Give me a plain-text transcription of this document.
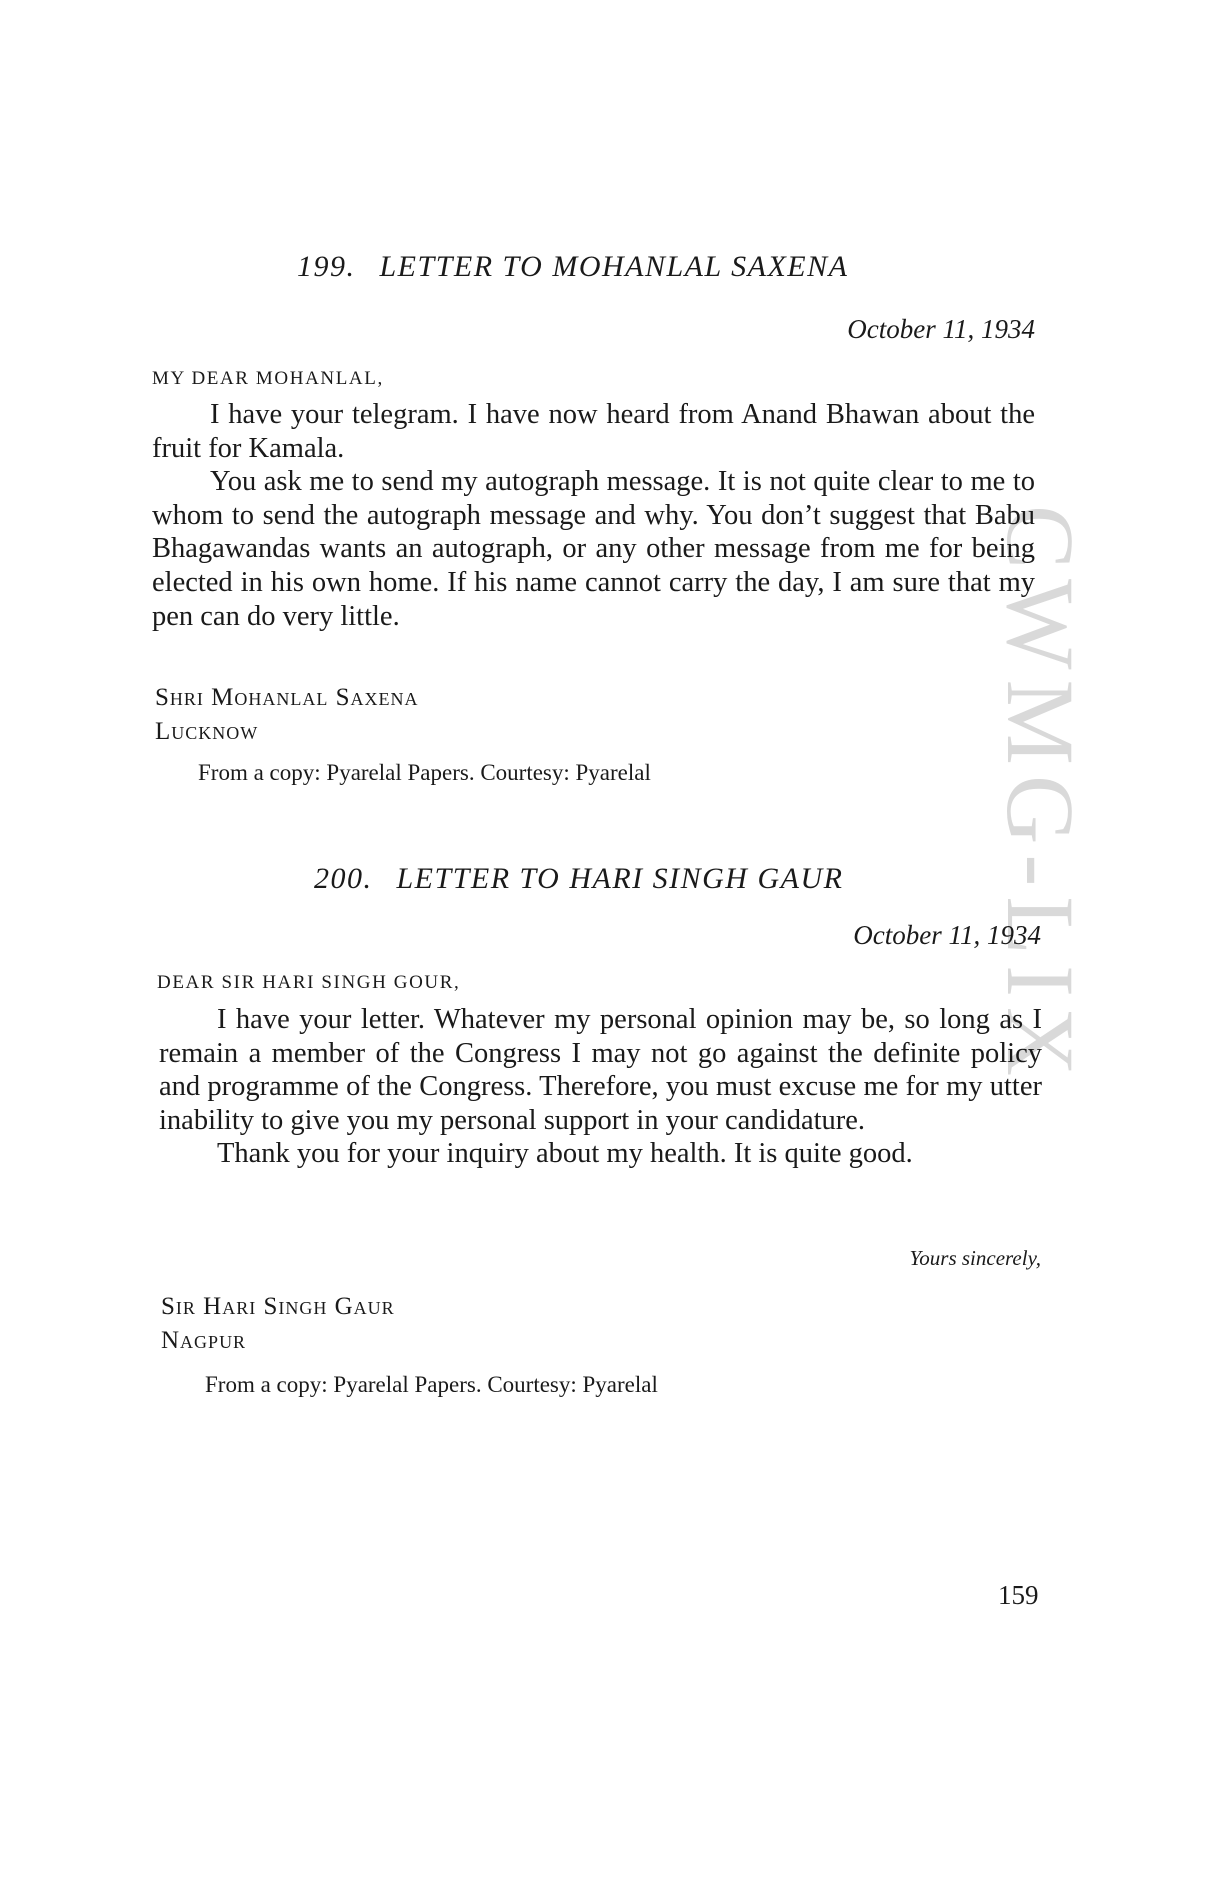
CWMG-LIX
199. LETTER TO MOHANLAL SAXENA
October 11, 1934
MY DEAR MOHANLAL,

I have your telegram. I have now heard from Anand Bhawan about the fruit for Kamala.

You ask me to send my autograph message. It is not quite clear to me to whom to send the autograph message and why. You don’t suggest that Babu Bhagawandas wants an autograph, or any other message from me for being elected in his own home. If his name cannot carry the day, I am sure that my pen can do very little.

Shri Mohanlal Saxena
Lucknow
From a copy: Pyarelal Papers. Courtesy: Pyarelal
200. LETTER TO HARI SINGH GAUR
October 11, 1934
DEAR SIR HARI SINGH GOUR,

I have your letter. Whatever my personal opinion may be, so long as I remain a member of the Congress I may not go against the definite policy and programme of the Congress. Therefore, you must excuse me for my utter inability to give you my personal support in your candidature.

Thank you for your inquiry about my health. It is quite good.

Yours sincerely,
Sir Hari Singh Gaur
Nagpur
From a copy: Pyarelal Papers. Courtesy: Pyarelal
159
